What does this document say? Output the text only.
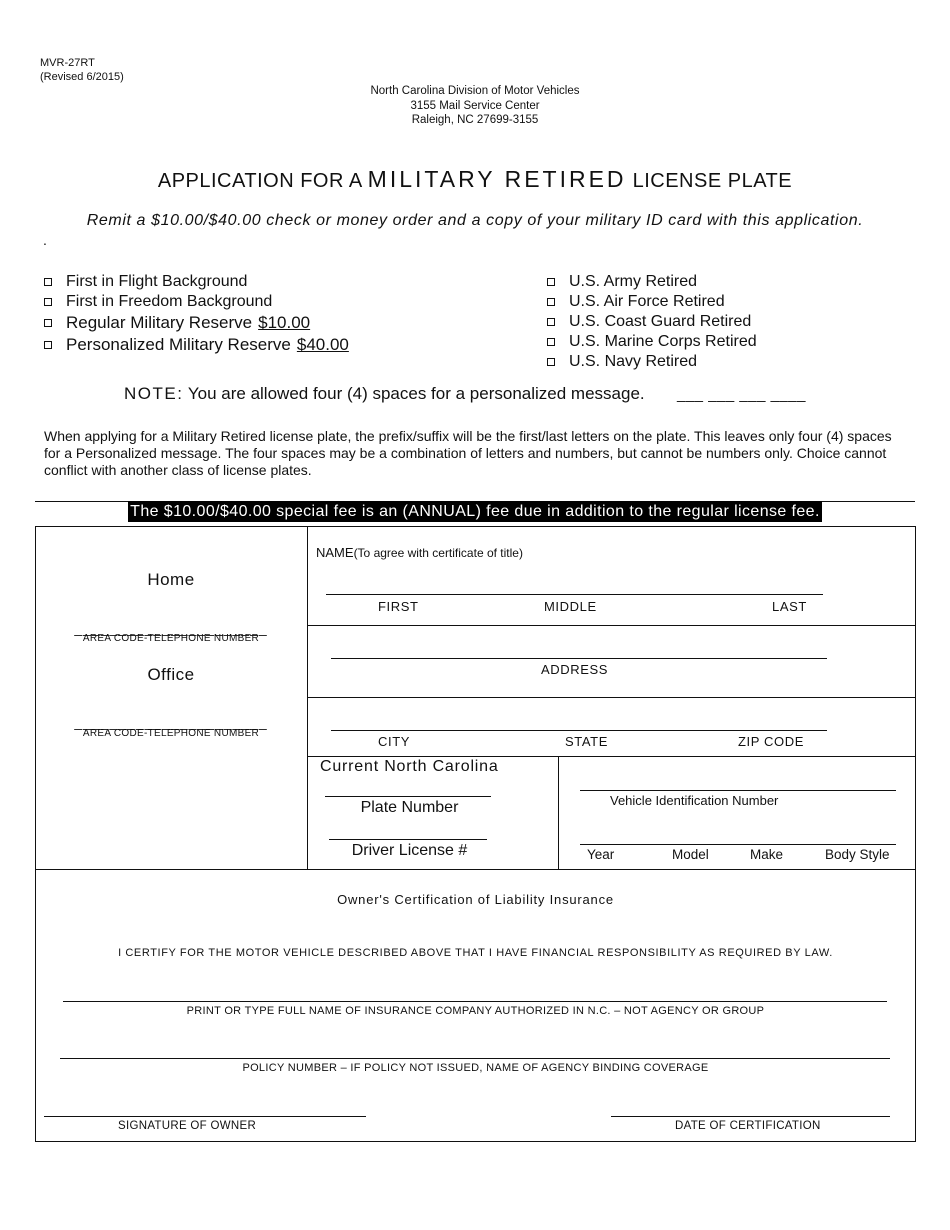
MVR-27RT
(Revised 6/2015)
North Carolina Division of Motor Vehicles
3155 Mail Service Center
Raleigh, NC 27699-3155
APPLICATION FOR A MILITARY RETIRED LICENSE PLATE
Remit a $10.00/$40.00 check or money order and a copy of your military ID card with this application.
.
First in Flight Background
First in Freedom Background
Regular Military Reserve $10.00
Personalized Military Reserve $40.00
U.S. Army Retired
U.S. Air Force Retired
U.S. Coast Guard Retired
U.S. Marine Corps Retired
U.S. Navy Retired
NOTE: You are allowed four (4) spaces for a personalized message. ___ ___ ___ ____
When applying for a Military Retired license plate, the prefix/suffix will be the first/last letters on the plate. This leaves only four (4) spaces for a Personalized message. The four spaces may be a combination of letters and numbers, but cannot be numbers only. Choice cannot conflict with another class of license plates.
The $10.00/$40.00 special fee is an (ANNUAL) fee due in addition to the regular license fee.
Home
______________________
AREA CODE-TELEPHONE NUMBER
Office
______________________
AREA CODE-TELEPHONE NUMBER
NAME(To agree with certificate of title)
FIRST	MIDDLE	LAST
ADDRESS
CITY	STATE	ZIP CODE
Current North Carolina
Plate Number
Driver License #
Vehicle Identification Number
Year	Model	Make	Body Style
Owner's Certification of Liability Insurance
I CERTIFY FOR THE MOTOR VEHICLE DESCRIBED ABOVE THAT I HAVE FINANCIAL RESPONSIBILITY AS REQUIRED BY LAW.
PRINT OR TYPE FULL NAME OF INSURANCE COMPANY AUTHORIZED IN N.C. – NOT AGENCY OR GROUP
POLICY NUMBER – IF POLICY NOT ISSUED, NAME OF AGENCY BINDING COVERAGE
SIGNATURE OF OWNER	DATE OF CERTIFICATION
